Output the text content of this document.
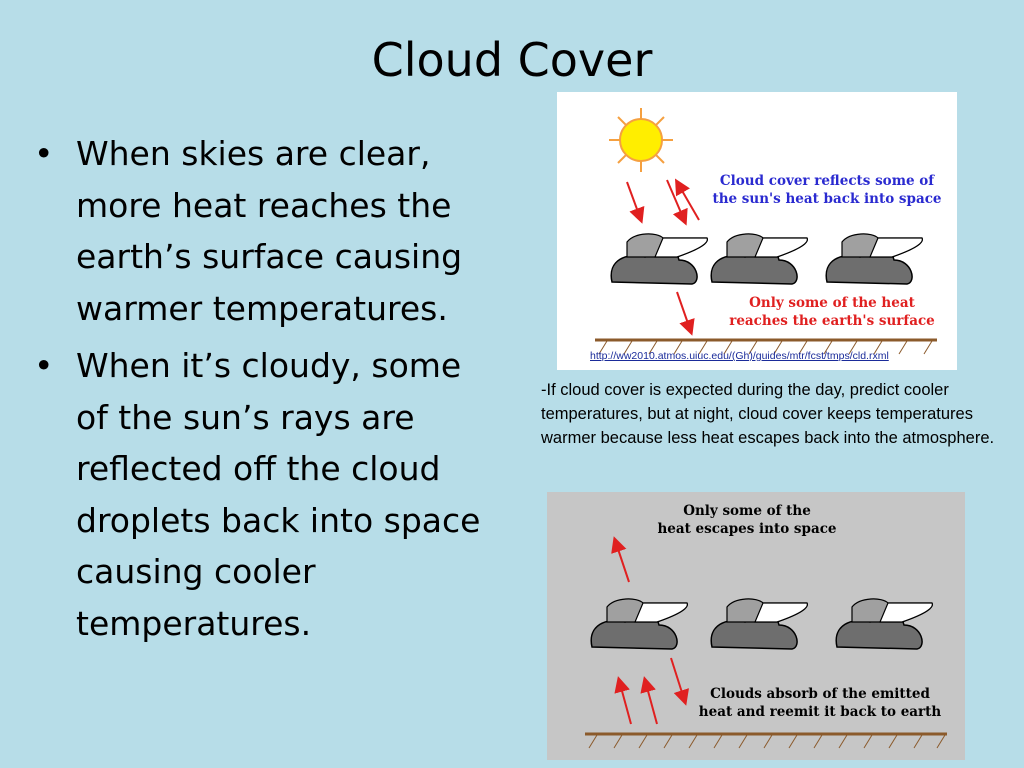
Cloud Cover
• When skies are clear, more heat reaches the earth’s surface causing warmer temperatures.
• When it’s cloudy, some of the sun’s rays are reflected off the cloud droplets back into space causing cooler temperatures.
Cloud cover reflects some of
the sun's heat back into space
Only some of the heat
reaches the earth's surface
http://ww2010.atmos.uiuc.edu/(Gh)/guides/mtr/fcst/tmps/cld.rxml
-If cloud cover is expected during the day, predict cooler temperatures, but at night, cloud cover keeps temperatures warmer because less heat escapes back into the atmosphere.
Only some of the
heat escapes into space
Clouds absorb of the emitted
heat and reemit it back to earth
